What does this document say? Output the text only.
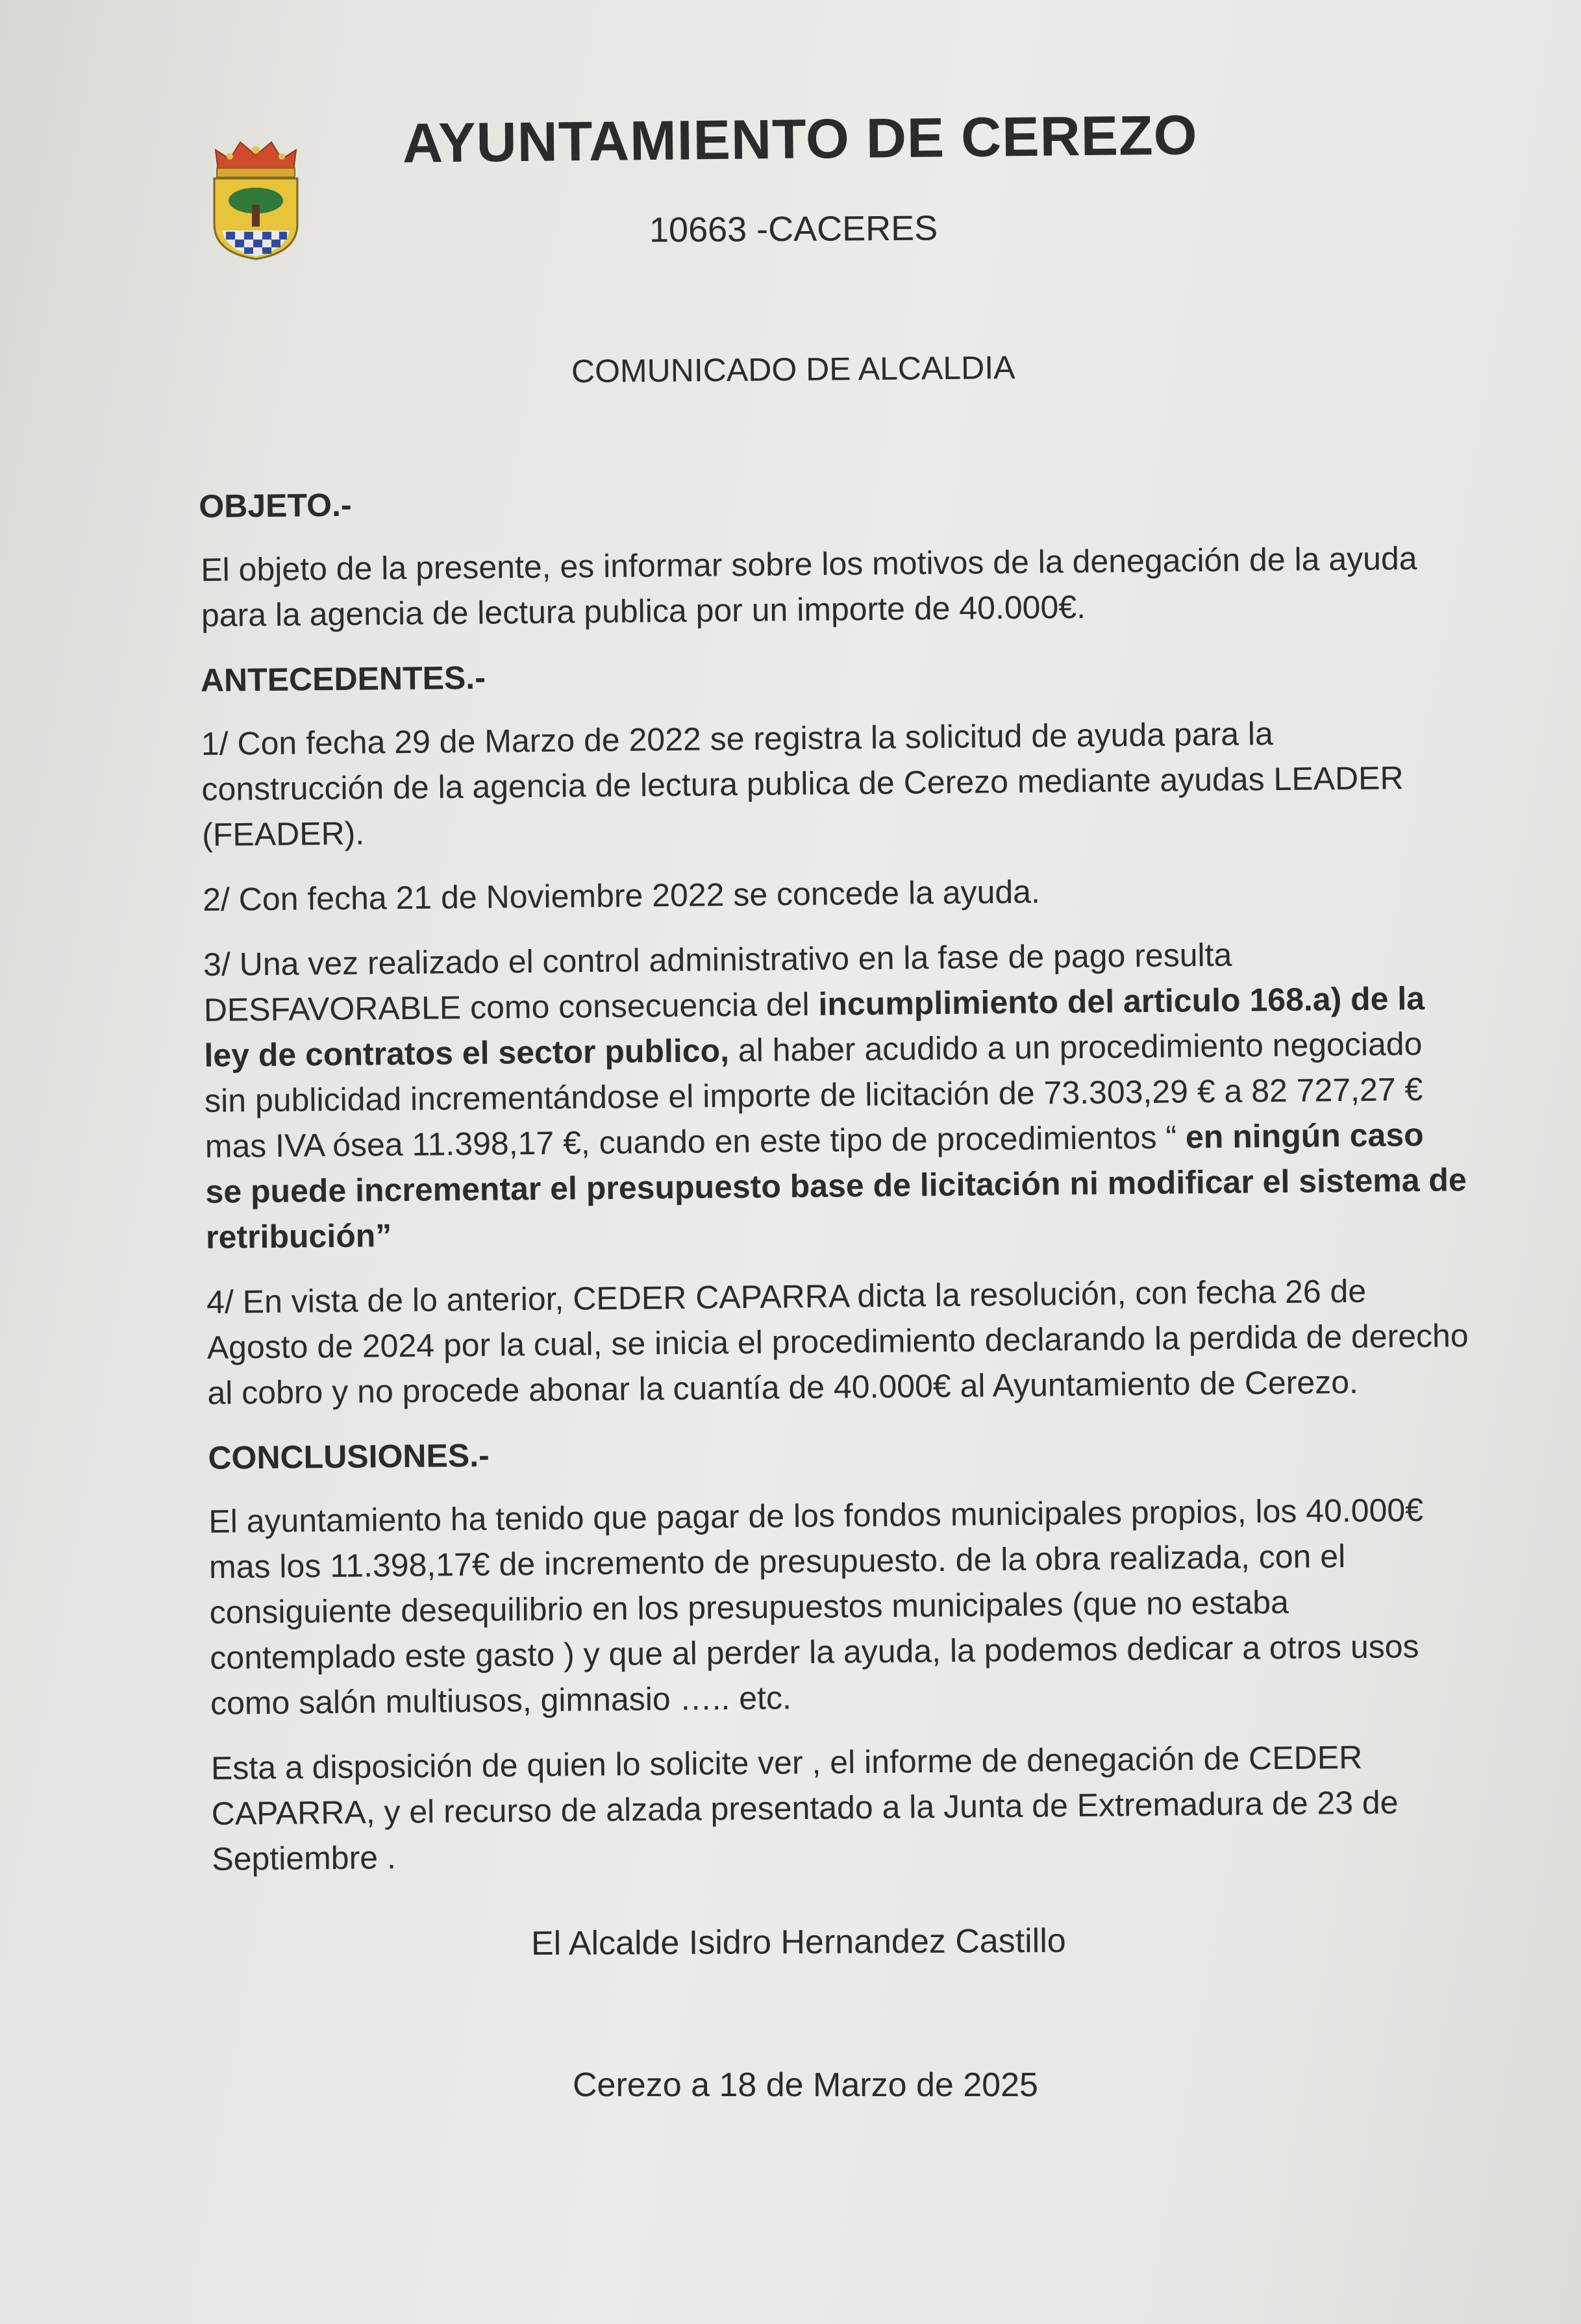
AYUNTAMIENTO DE CEREZO
10663 -CACERES
COMUNICADO DE ALCALDIA
OBJETO.-
El objeto de la presente, es informar sobre los motivos de la denegación de la ayuda para la agencia de lectura publica por un importe de 40.000€.
ANTECEDENTES.-
1/ Con fecha 29 de Marzo de 2022 se registra la solicitud de ayuda para la construcción de la agencia de lectura publica de Cerezo mediante ayudas LEADER (FEADER).
2/ Con fecha 21 de Noviembre 2022 se concede la ayuda.
3/ Una vez realizado el control administrativo en la fase de pago resulta DESFAVORABLE como consecuencia del incumplimiento del articulo 168.a) de la ley de contratos el sector publico, al haber acudido a un procedimiento negociado sin publicidad incrementándose el importe de licitación de 73.303,29 € a 82 727,27 € mas IVA ósea 11.398,17 €, cuando en este tipo de procedimientos “ en ningún caso se puede incrementar el presupuesto base de licitación ni modificar el sistema de retribución”
4/ En vista de lo anterior, CEDER CAPARRA dicta la resolución, con fecha 26 de Agosto de 2024 por la cual, se inicia el procedimiento declarando la perdida de derecho al cobro y no procede abonar la cuantía de 40.000€ al Ayuntamiento de Cerezo.
CONCLUSIONES.-
El ayuntamiento ha tenido que pagar de los fondos municipales propios, los 40.000€ mas los 11.398,17€ de incremento de presupuesto. de la obra realizada, con el consiguiente desequilibrio en los presupuestos municipales (que no estaba contemplado este gasto ) y que al perder la ayuda, la podemos dedicar a otros usos como salón multiusos, gimnasio ….. etc.
Esta a disposición de quien lo solicite ver , el informe de denegación de CEDER CAPARRA, y el recurso de alzada presentado a la Junta de Extremadura de 23 de Septiembre .
El Alcalde Isidro Hernandez Castillo
Cerezo a 18 de Marzo de 2025
